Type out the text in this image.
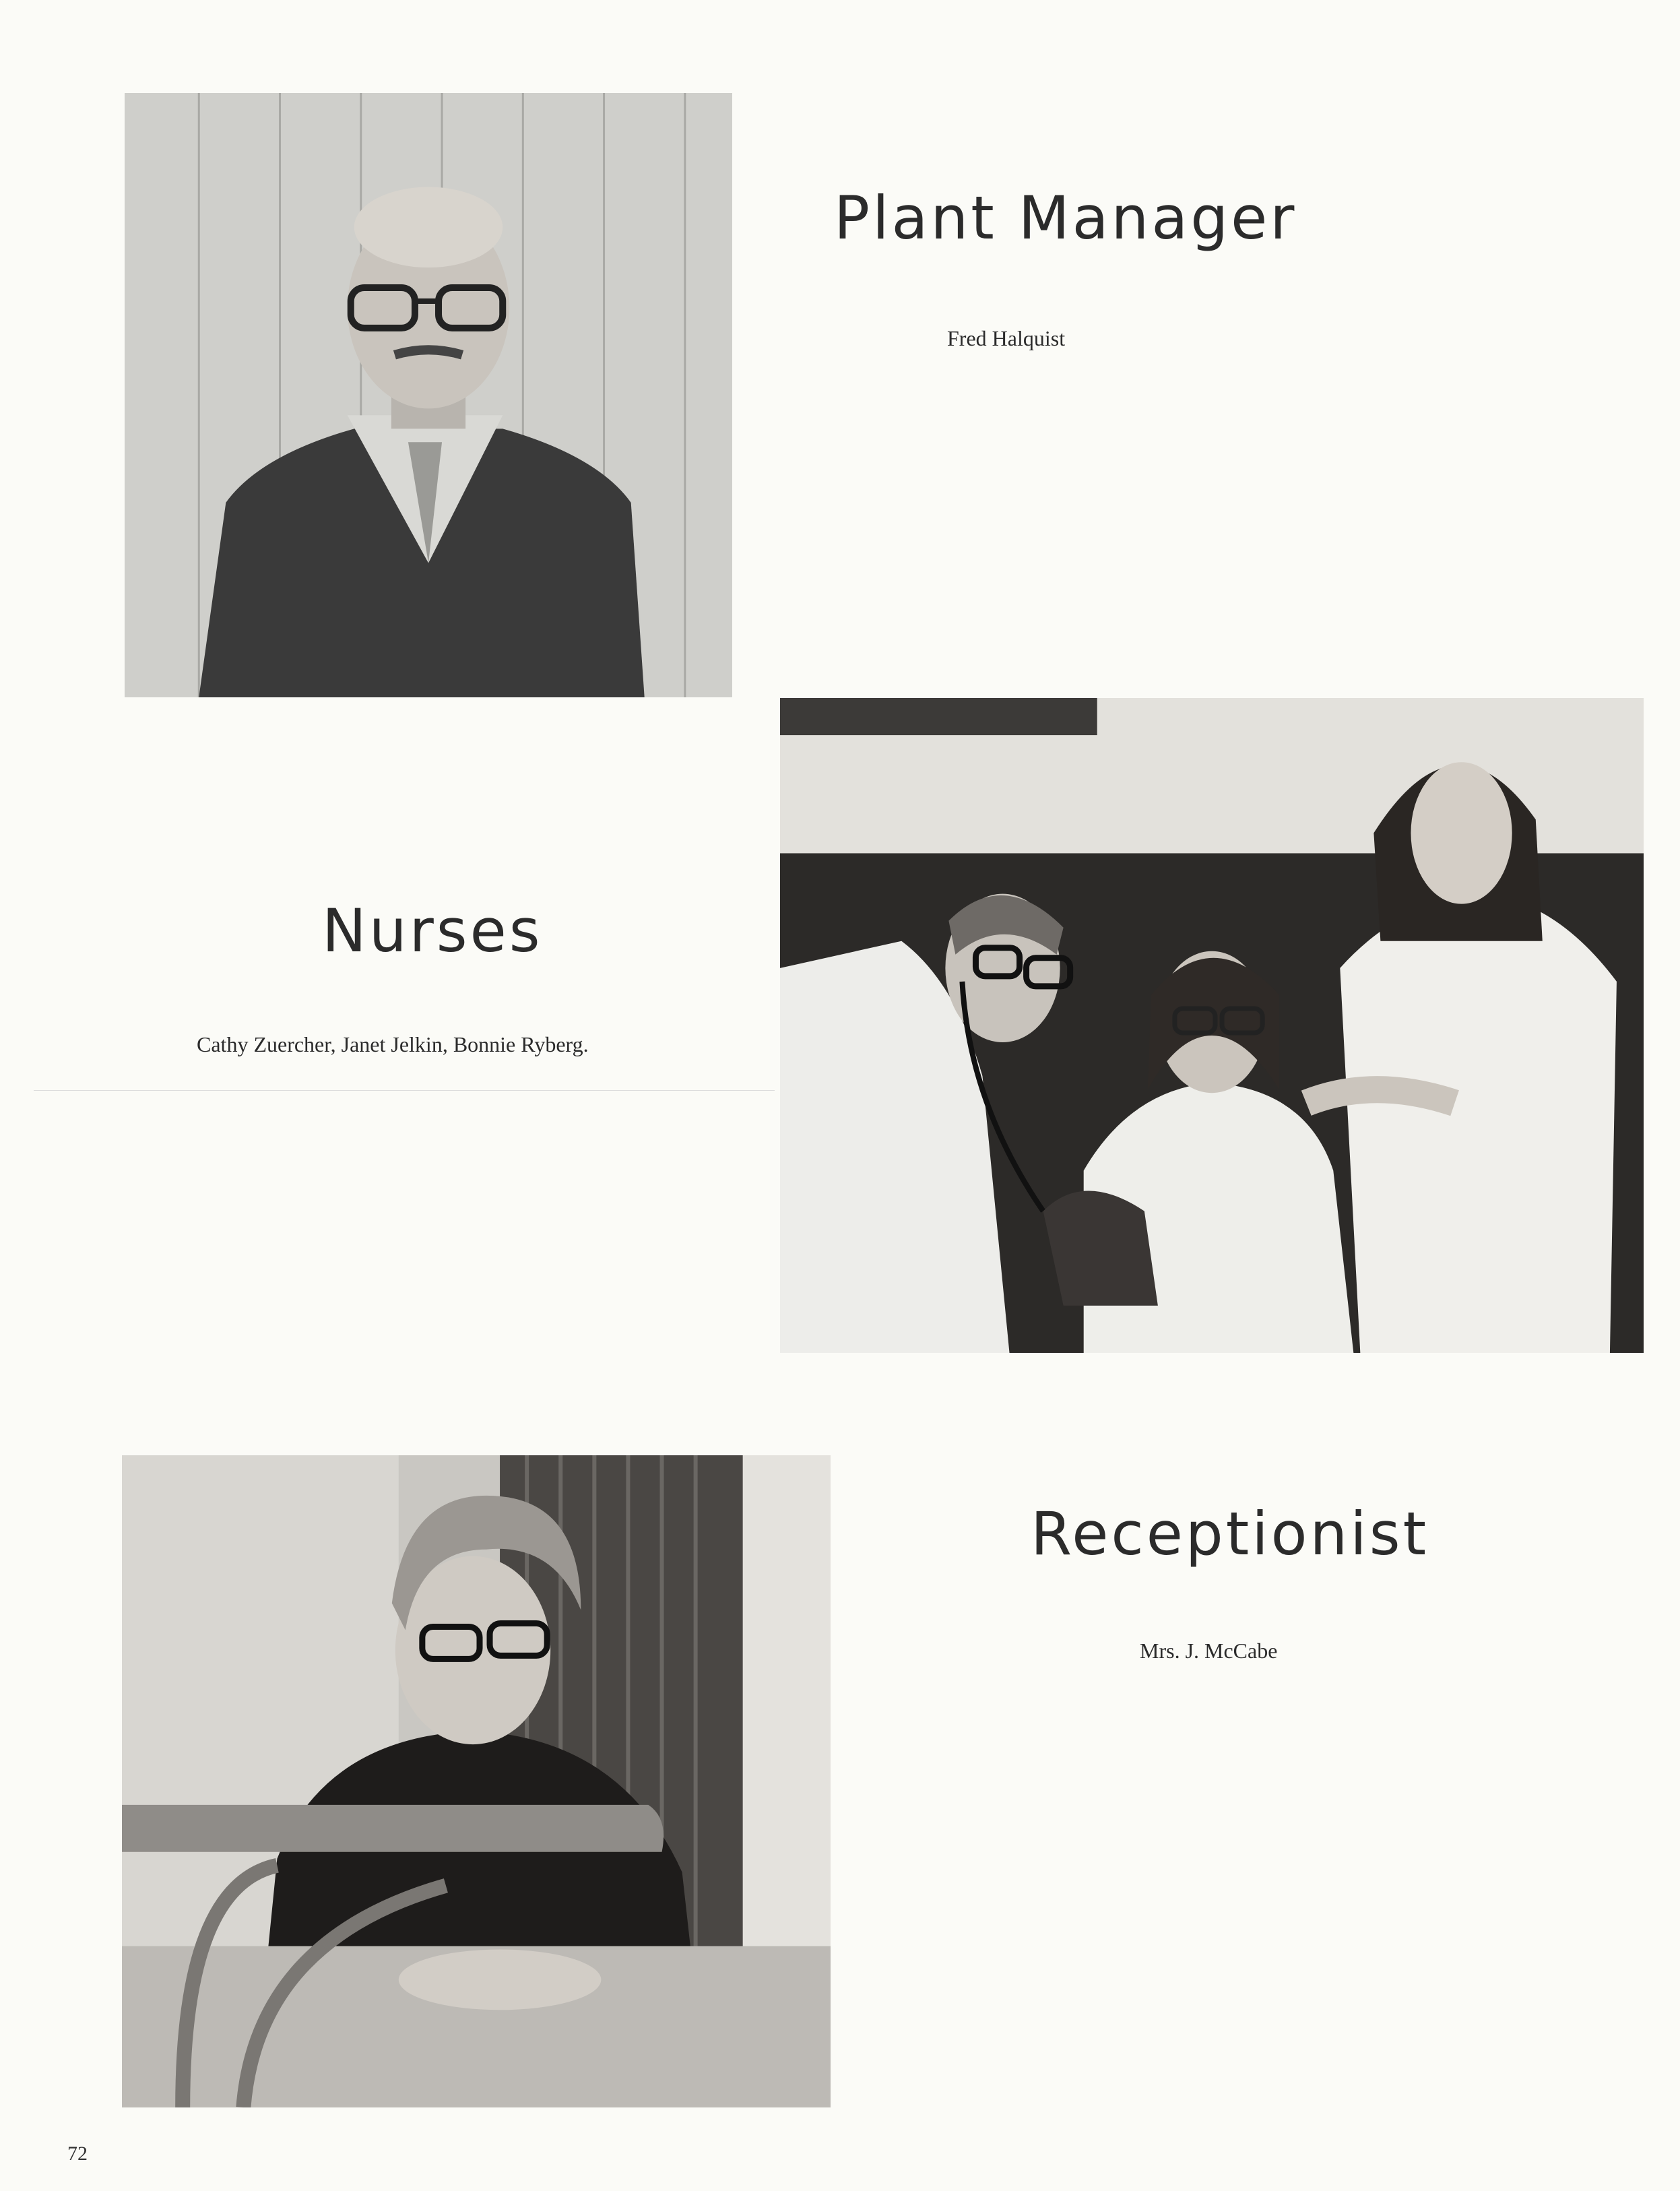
Plant Manager
Fred Halquist
Nurses
Cathy Zuercher, Janet Jelkin, Bonnie Ryberg.
Receptionist
Mrs. J. McCabe
72
